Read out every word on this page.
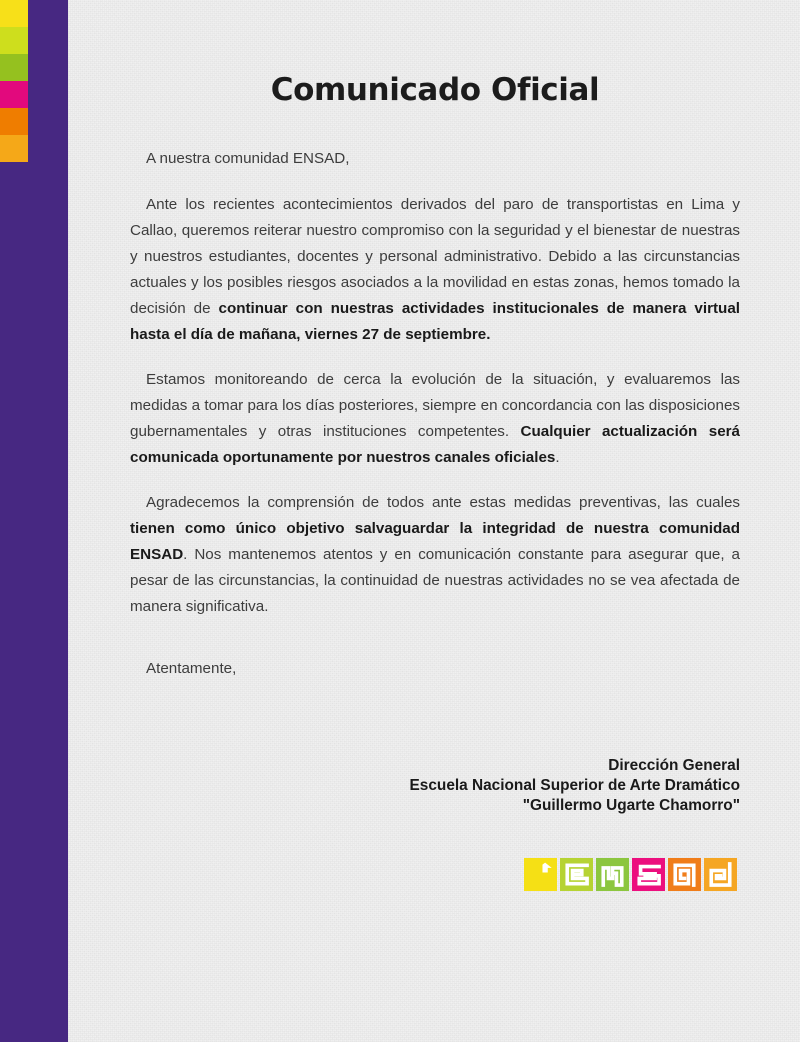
Comunicado Oficial

A nuestra comunidad ENSAD,

Ante los recientes acontecimientos derivados del paro de transportistas en Lima y Callao, queremos reiterar nuestro compromiso con la seguridad y el bienestar de nuestras y nuestros estudiantes, docentes y personal administrativo. Debido a las circunstancias actuales y los posibles riesgos asociados a la movilidad en estas zonas, hemos tomado la decisión de continuar con nuestras actividades institucionales de manera virtual hasta el día de mañana, viernes 27 de septiembre.

Estamos monitoreando de cerca la evolución de la situación, y evaluaremos las medidas a tomar para los días posteriores, siempre en concordancia con las disposiciones gubernamentales y otras instituciones competentes. Cualquier actualización será comunicada oportunamente por nuestros canales oficiales.

Agradecemos la comprensión de todos ante estas medidas preventivas, las cuales tienen como único objetivo salvaguardar la integridad de nuestra comunidad ENSAD. Nos mantenemos atentos y en comunicación constante para asegurar que, a pesar de las circunstancias, la continuidad de nuestras actividades no se vea afectada de manera significativa.

Atentamente,

Dirección General
Escuela Nacional Superior de Arte Dramático
"Guillermo Ugarte Chamorro"
